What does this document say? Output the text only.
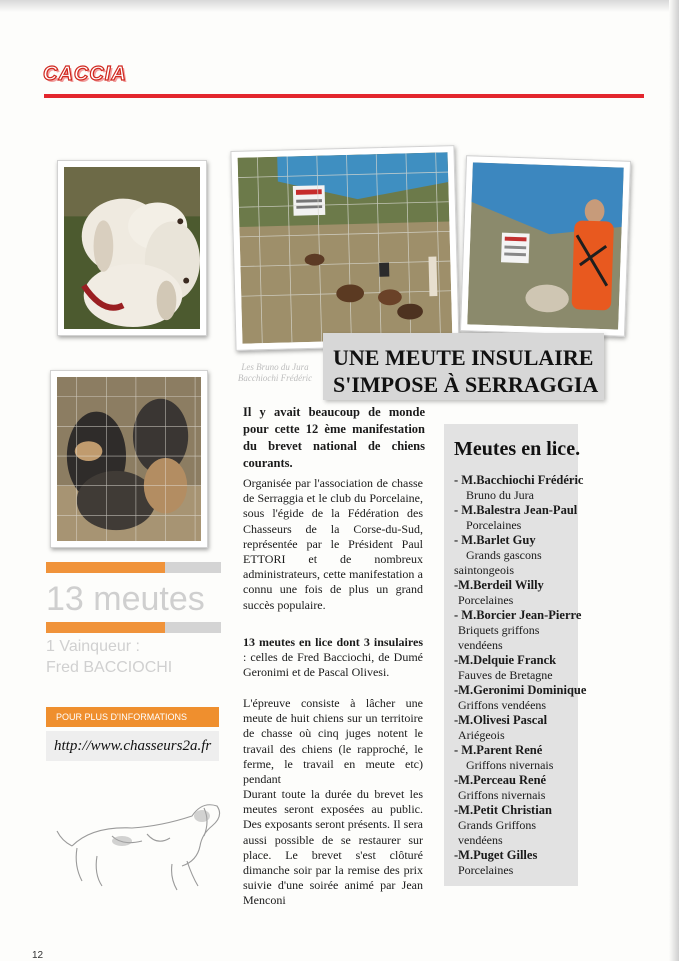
CACCIA
Les Bruno du Jura Bacchiochi Frédéric
UNE MEUTE INSULAIRE
S'IMPOSE À SERRAGGIA
Il y avait beaucoup de monde pour cette 12 ème manifestation du brevet national de chiens courants.
Organisée par l'association de chasse de Serraggia et le club du Porcelaine, sous l'égide de la Fédération des Chasseurs de la Corse-du-Sud, représentée par le Président Paul ETTORI et de nombreux administrateurs, cette manifestation a connu une fois de plus un grand succès populaire.
13 meutes en lice dont 3 insulaires : celles de Fred Bacciochi, de Dumé Geronimi et de Pascal Olivesi.
L'épreuve consiste à lâcher une meute de huit chiens sur un territoire de chasse où cinq juges notent le travail des chiens (le rapproché, le ferme, le travail en meute etc) pendant
Durant toute la durée du brevet les meutes seront exposées au public. Des exposants seront présents. Il sera aussi possible de se restaurer sur place. Le brevet s'est clôturé dimanche soir par la remise des prix suivie d'une soirée animé par Jean Menconi
Meutes en lice.
- M.Bacchiochi Frédéric
Bruno du Jura
- M.Balestra Jean-Paul
Porcelaines
- M.Barlet Guy
Grands gascons saintongeois
-M.Berdeil Willy
Porcelaines
- M.Borcier Jean-Pierre
Briquets griffons vendéens
-M.Delquie Franck
Fauves de Bretagne
-M.Geronimi Dominique
Griffons vendéens
-M.Olivesi Pascal
Ariégeois
- M.Parent René
Griffons nivernais
-M.Perceau René
Griffons nivernais
-M.Petit Christian
Grands Griffons vendéens
-M.Puget Gilles
Porcelaines
13 meutes
1 Vainqueur :
Fred BACCIOCHI
POUR PLUS D'INFORMATIONS
http://www.chasseurs2a.fr
12
